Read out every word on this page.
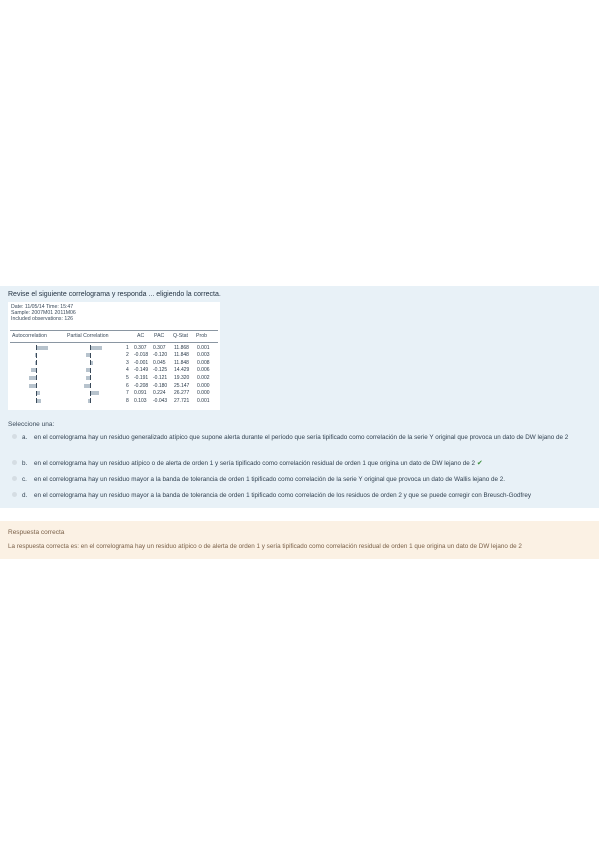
Revise el siguiente correlograma y responda ... eligiendo la correcta.
Date: 11/05/14 Time: 15:47
Sample: 2007M01 2011M06
Included observations: 126
Autocorrelation	Partial Correlation	AC PAC Q-Stat Prob
1 0.307 0.307 11.868 0.001
2 -0.018 -0.120 11.848 0.003
3 -0.001 0.045 11.848 0.008
4 -0.149 -0.125 14.429 0.006
5 -0.191 -0.121 19.320 0.002
6 -0.208 -0.180 25.147 0.000
7 0.091 0.224 26.277 0.000
8 0.103 -0.043 27.721 0.001
Seleccione una:
a. en el correlograma hay un residuo generalizado atípico que supone alerta durante el período que sería tipificado como correlación de la serie Y original que provoca un dato de DW lejano de 2
b. en el correlograma hay un residuo atípico o de alerta de orden 1 y sería tipificado como correlación residual de orden 1 que origina un dato de DW lejano de 2 ✔
c. en el correlograma hay un residuo mayor a la banda de tolerancia de orden 1 tipificado como correlación de la serie Y original que provoca un dato de Wallis lejano de 2.
d. en el correlograma hay un residuo mayor a la banda de tolerancia de orden 1 tipificado como correlación de los residuos de orden 2 y que se puede corregir con Breusch-Godfrey
Respuesta correcta
La respuesta correcta es: en el correlograma hay un residuo atípico o de alerta de orden 1 y sería tipificado como correlación residual de orden 1 que origina un dato de DW lejano de 2
